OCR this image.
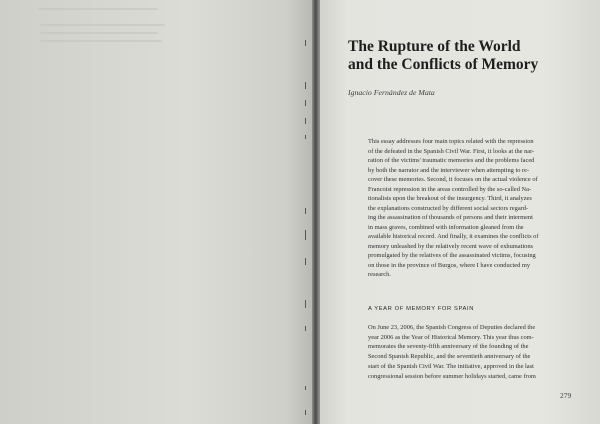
The Rupture of the World
and the Conflicts of Memory

Ignacio Fernández de Mata

This essay addresses four main topics related with the repression
of the defeated in the Spanish Civil War. First, it looks at the nar-
ration of the victims' traumatic memories and the problems faced
by both the narrator and the interviewer when attempting to re-
cover these memories. Second, it focuses on the actual violence of
Francoist repression in the areas controlled by the so-called Na-
tionalists upon the breakout of the insurgency. Third, it analyzes
the explanations constructed by different social sectors regard-
ing the assassination of thousands of persons and their interment
in mass graves, combined with information gleaned from the
available historical record. And finally, it examines the conflicts of
memory unleashed by the relatively recent wave of exhumations
promulgated by the relatives of the assassinated victims, focusing
on those in the province of Burgos, where I have conducted my
research.

A YEAR OF MEMORY FOR SPAIN

On June 23, 2006, the Spanish Congress of Deputies declared the
year 2006 as the Year of Historical Memory. This year thus com-
memorates the seventy-fifth anniversary of the founding of the
Second Spanish Republic, and the seventieth anniversary of the
start of the Spanish Civil War. The initiative, approved in the last
congressional session before summer holidays started, came from

279
